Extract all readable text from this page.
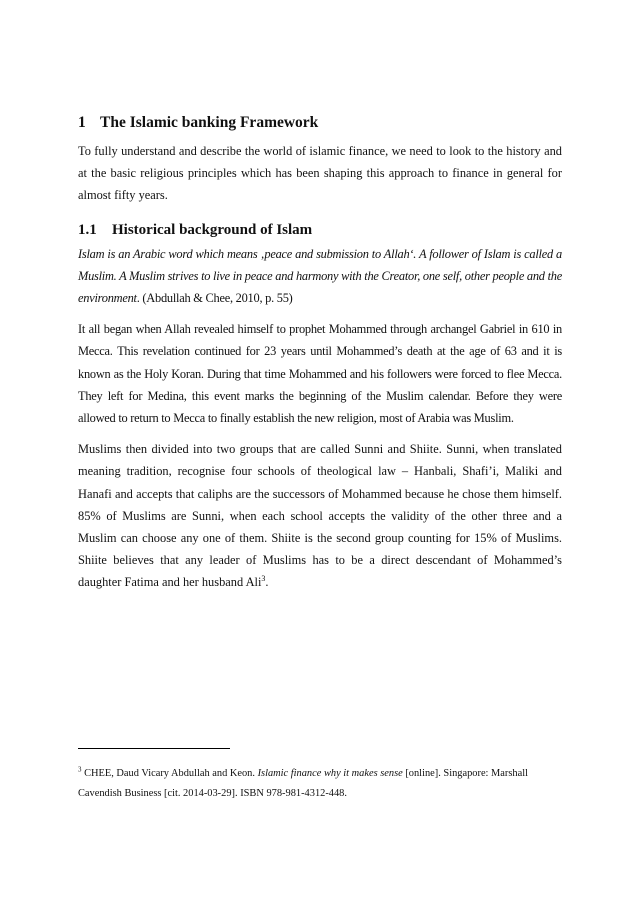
1 The Islamic banking Framework

To fully understand and describe the world of islamic finance, we need to look to the history and at the basic religious principles which has been shaping this approach to finance in general for almost fifty years.

1.1 Historical background of Islam

Islam is an Arabic word which means ‚peace and submission to Allah‘. A follower of Islam is called a Muslim. A Muslim strives to live in peace and harmony with the Creator, one self, other people and the environment. (Abdullah & Chee, 2010, p. 55)

It all began when Allah revealed himself to prophet Mohammed through archangel Gabriel in 610 in Mecca. This revelation continued for 23 years until Mohammed’s death at the age of 63 and it is known as the Holy Koran. During that time Mohammed and his followers were forced to flee Mecca. They left for Medina, this event marks the beginning of the Muslim calendar. Before they were allowed to return to Mecca to finally establish the new religion, most of Arabia was Muslim.

Muslims then divided into two groups that are called Sunni and Shiite. Sunni, when translated meaning tradition, recognise four schools of theological law – Hanbali, Shafi’i, Maliki and Hanafi and accepts that caliphs are the successors of Mohammed because he chose them himself. 85% of Muslims are Sunni, when each school accepts the validity of the other three and a Muslim can choose any one of them. Shiite is the second group counting for 15% of Muslims. Shiite believes that any leader of Muslims has to be a direct descendant of Mohammed’s daughter Fatima and her husband Ali$^3$.

$^3$ CHEE, Daud Vicary Abdullah and Keon. Islamic finance why it makes sense [online]. Singapore: Marshall Cavendish Business [cit. 2014-03-29]. ISBN 978-981-4312-448.
